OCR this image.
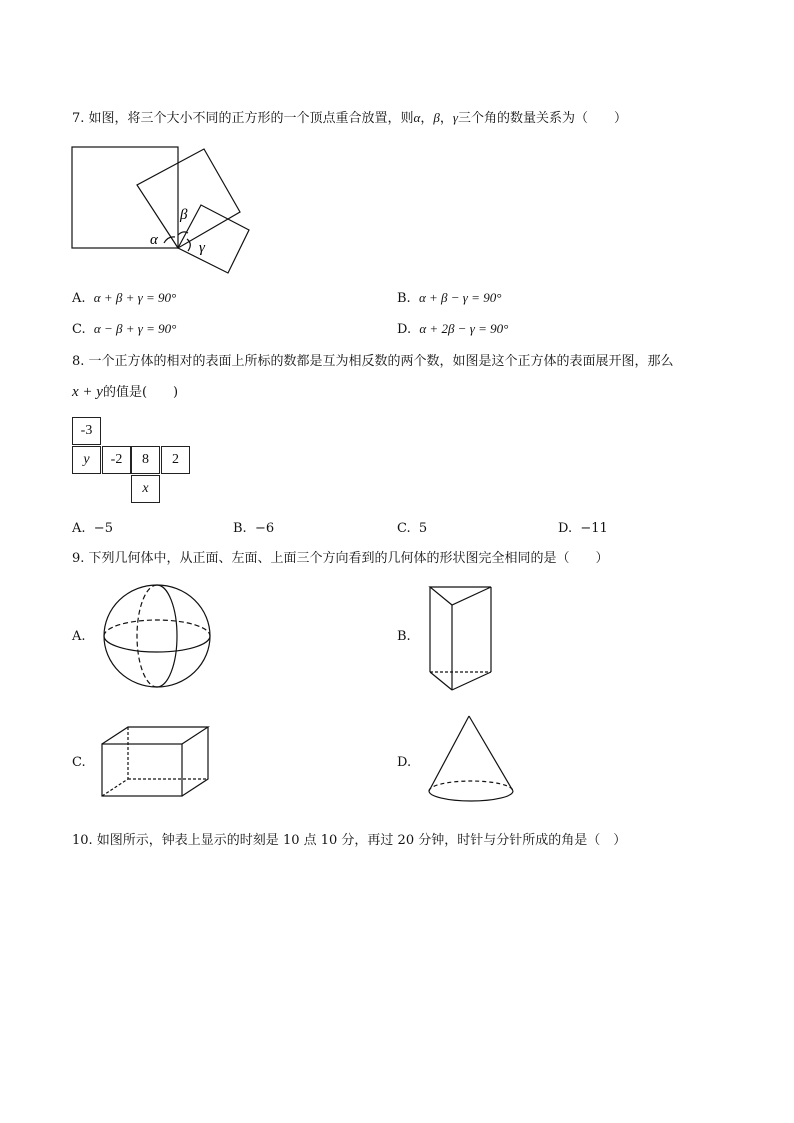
7. 如图，将三个大小不同的正方形的一个顶点重合放置，则α，β，γ三个角的数量关系为（　　）
α
β
γ
A. α + β + γ = 90°	B. α + β − γ = 90°
C. α − β + γ = 90°	D. α + 2β − γ = 90°
8. 一个正方体的相对的表面上所标的数都是互为相反数的两个数，如图是这个正方体的表面展开图，那么
x + y的值是(　　)
-3
y	-2	8	2
x
A. −5	B. −6	C. 5	D. −11
9. 下列几何体中，从正面、左面、上面三个方向看到的几何体的形状图完全相同的是（　　）
A.	B.
C.	D.
10. 如图所示，钟表上显示的时刻是 10 点 10 分，再过 20 分钟，时针与分针所成的角是（　）
